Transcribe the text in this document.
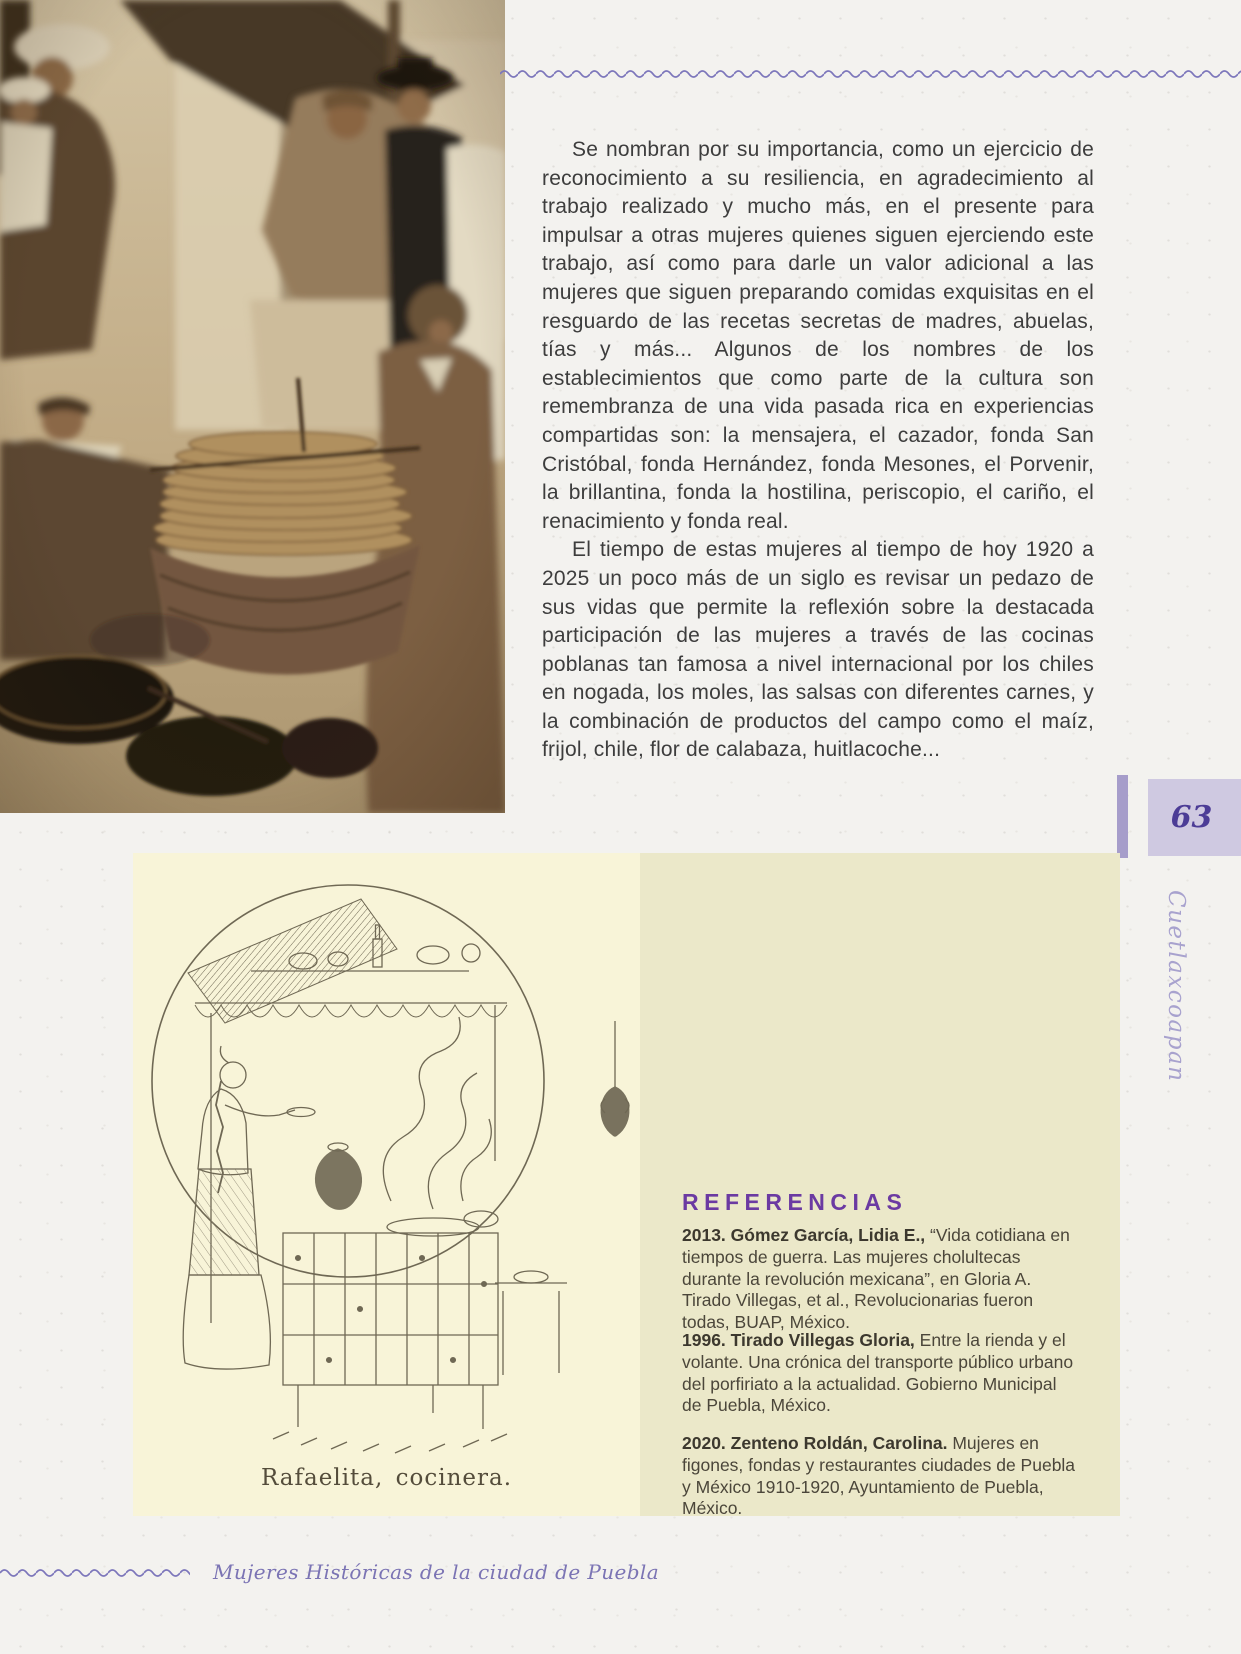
Se nombran por su importancia, como un ejercicio de reconocimiento a su resiliencia, en agradecimiento al trabajo realizado y mucho más, en el presente para impulsar a otras mujeres quienes siguen ejerciendo este trabajo, así como para darle un valor adicional a las mujeres que siguen preparando comidas exquisitas en el resguardo de las recetas secretas de madres, abuelas, tías y más... Algunos de los nombres de los establecimientos que como parte de la cultura son remembranza de una vida pasada rica en experiencias compartidas son: la mensajera, el cazador, fonda San Cristóbal, fonda Hernández, fonda Mesones, el Porvenir, la brillantina, fonda la hostilina, periscopio, el cariño, el renacimiento y fonda real.

El tiempo de estas mujeres al tiempo de hoy 1920 a 2025 un poco más de un siglo es revisar un pedazo de sus vidas que permite la reflexión sobre la destacada participación de las mujeres a través de las cocinas poblanas tan famosa a nivel internacional por los chiles en nogada, los moles, las salsas con diferentes carnes, y la combinación de productos del campo como el maíz, frijol, chile, flor de calabaza, huitlacoche...

63
Cuetlaxcoapan
Rafaelita, cocinera.
REFERENCIAS

2013. Gómez García, Lidia E., “Vida cotidiana en tiempos de guerra. Las mujeres cholultecas durante la revolución mexicana”, en Gloria A. Tirado Villegas, et al., Revolucionarias fueron todas, BUAP, México.

1996. Tirado Villegas Gloria, Entre la rienda y el volante. Una crónica del transporte público urbano del porfiriato a la actualidad. Gobierno Municipal de Puebla, México.

2020. Zenteno Roldán, Carolina. Mujeres en figones, fondas y restaurantes ciudades de Puebla y México 1910-1920, Ayuntamiento de Puebla, México.

Mujeres Históricas de la ciudad de Puebla
